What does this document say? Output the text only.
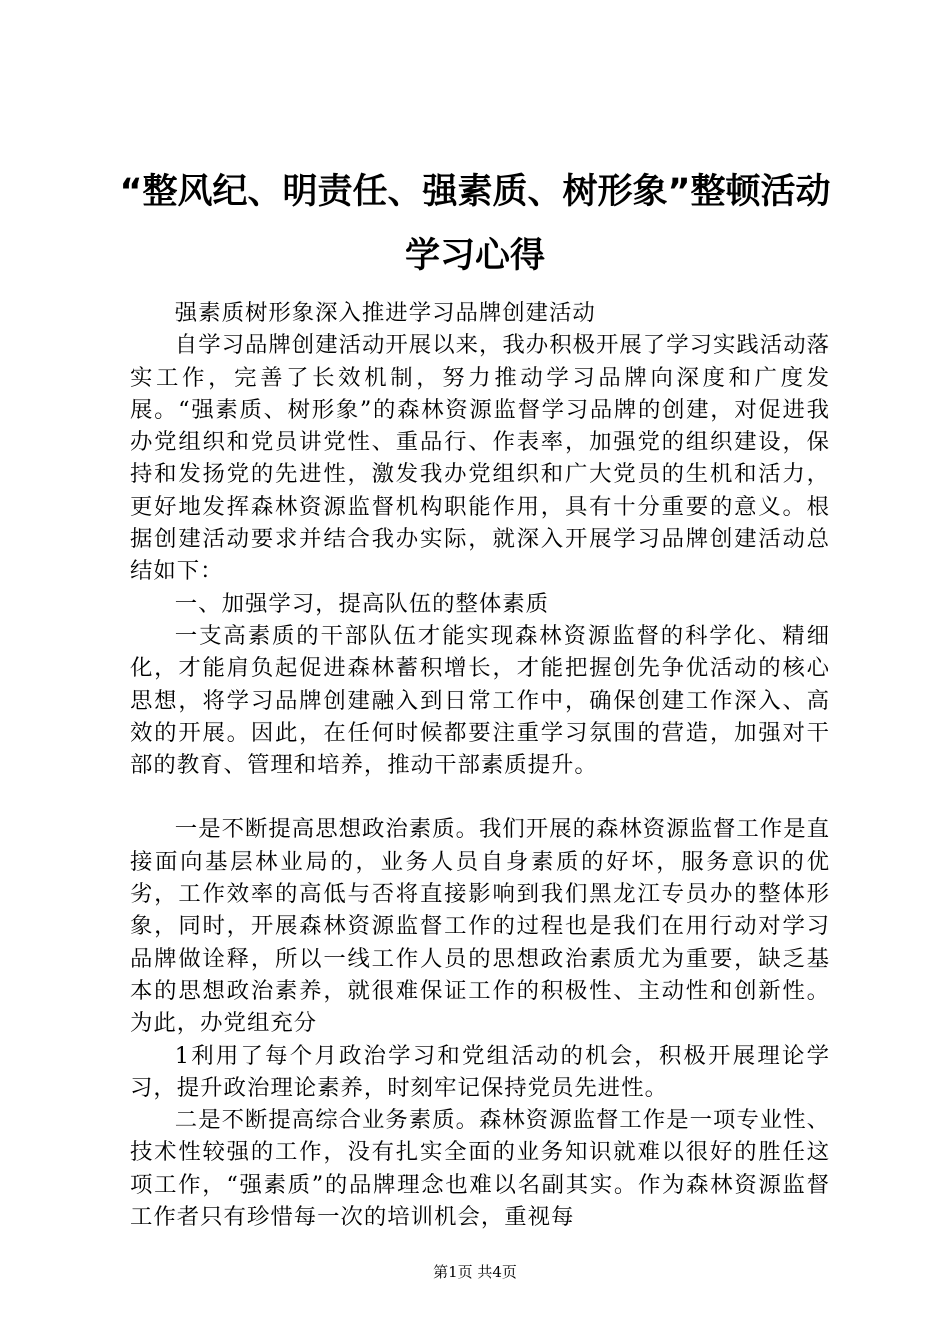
“整风纪、明责任、强素质、树形象”整顿活动学习心得

强素质树形象深入推进学习品牌创建活动

自学习品牌创建活动开展以来，我办积极开展了学习实践活动落实工作，完善了长效机制，努力推动学习品牌向深度和广度发展。“强素质、树形象”的森林资源监督学习品牌的创建，对促进我办党组织和党员讲党性、重品行、作表率，加强党的组织建设，保持和发扬党的先进性，激发我办党组织和广大党员的生机和活力，更好地发挥森林资源监督机构职能作用，具有十分重要的意义。根据创建活动要求并结合我办实际，就深入开展学习品牌创建活动总结如下：

一、加强学习，提高队伍的整体素质

一支高素质的干部队伍才能实现森林资源监督的科学化、精细化，才能肩负起促进森林蓄积增长，才能把握创先争优活动的核心思想，将学习品牌创建融入到日常工作中，确保创建工作深入、高效的开展。因此，在任何时候都要注重学习氛围的营造，加强对干部的教育、管理和培养，推动干部素质提升。

一是不断提高思想政治素质。我们开展的森林资源监督工作是直接面向基层林业局的，业务人员自身素质的好坏，服务意识的优劣，工作效率的高低与否将直接影响到我们黑龙江专员办的整体形象，同时，开展森林资源监督工作的过程也是我们在用行动对学习品牌做诠释，所以一线工作人员的思想政治素质尤为重要，缺乏基本的思想政治素养，就很难保证工作的积极性、主动性和创新性。为此，办党组充分

1利用了每个月政治学习和党组活动的机会，积极开展理论学习，提升政治理论素养，时刻牢记保持党员先进性。

二是不断提高综合业务素质。森林资源监督工作是一项专业性、技术性较强的工作，没有扎实全面的业务知识就难以很好的胜任这项工作，“强素质”的品牌理念也难以名副其实。作为森林资源监督工作者只有珍惜每一次的培训机会，重视每

第1页 共4页
